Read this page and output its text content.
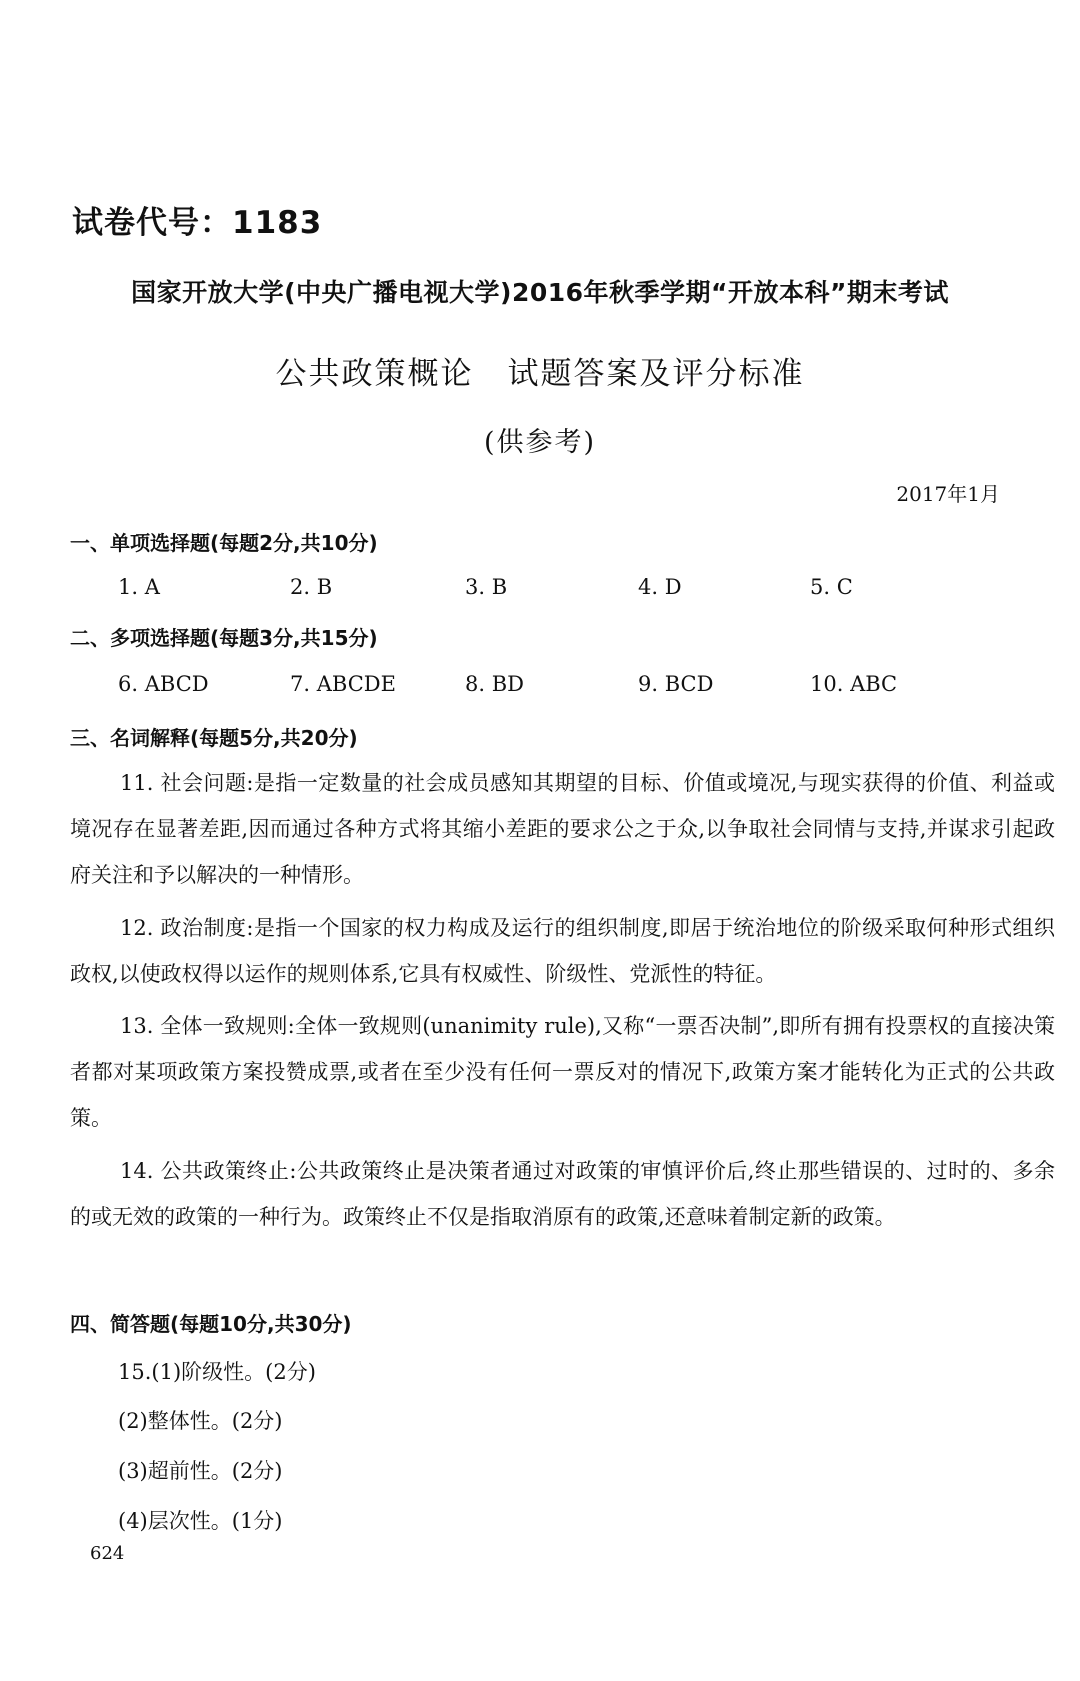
试卷代号：1183
国家开放大学(中央广播电视大学)2016年秋季学期“开放本科”期末考试
公共政策概论 试题答案及评分标准
(供参考)
2017年1月
一、单项选择题(每题2分,共10分)
1. A	2. B	3. B	4. D	5. C
二、多项选择题(每题3分,共15分)
6. ABCD	7. ABCDE	8. BD	9. BCD	10. ABC
三、名词解释(每题5分,共20分)
11. 社会问题:是指一定数量的社会成员感知其期望的目标、价值或境况,与现实获得的价值、利益或境况存在显著差距,因而通过各种方式将其缩小差距的要求公之于众,以争取社会同情与支持,并谋求引起政府关注和予以解决的一种情形。
12. 政治制度:是指一个国家的权力构成及运行的组织制度,即居于统治地位的阶级采取何种形式组织政权,以使政权得以运作的规则体系,它具有权威性、阶级性、党派性的特征。
13. 全体一致规则:全体一致规则(unanimity rule),又称“一票否决制”,即所有拥有投票权的直接决策者都对某项政策方案投赞成票,或者在至少没有任何一票反对的情况下,政策方案才能转化为正式的公共政策。
14. 公共政策终止:公共政策终止是决策者通过对政策的审慎评价后,终止那些错误的、过时的、多余的或无效的政策的一种行为。政策终止不仅是指取消原有的政策,还意味着制定新的政策。
四、简答题(每题10分,共30分)
15.(1)阶级性。(2分)
(2)整体性。(2分)
(3)超前性。(2分)
(4)层次性。(1分)
624
